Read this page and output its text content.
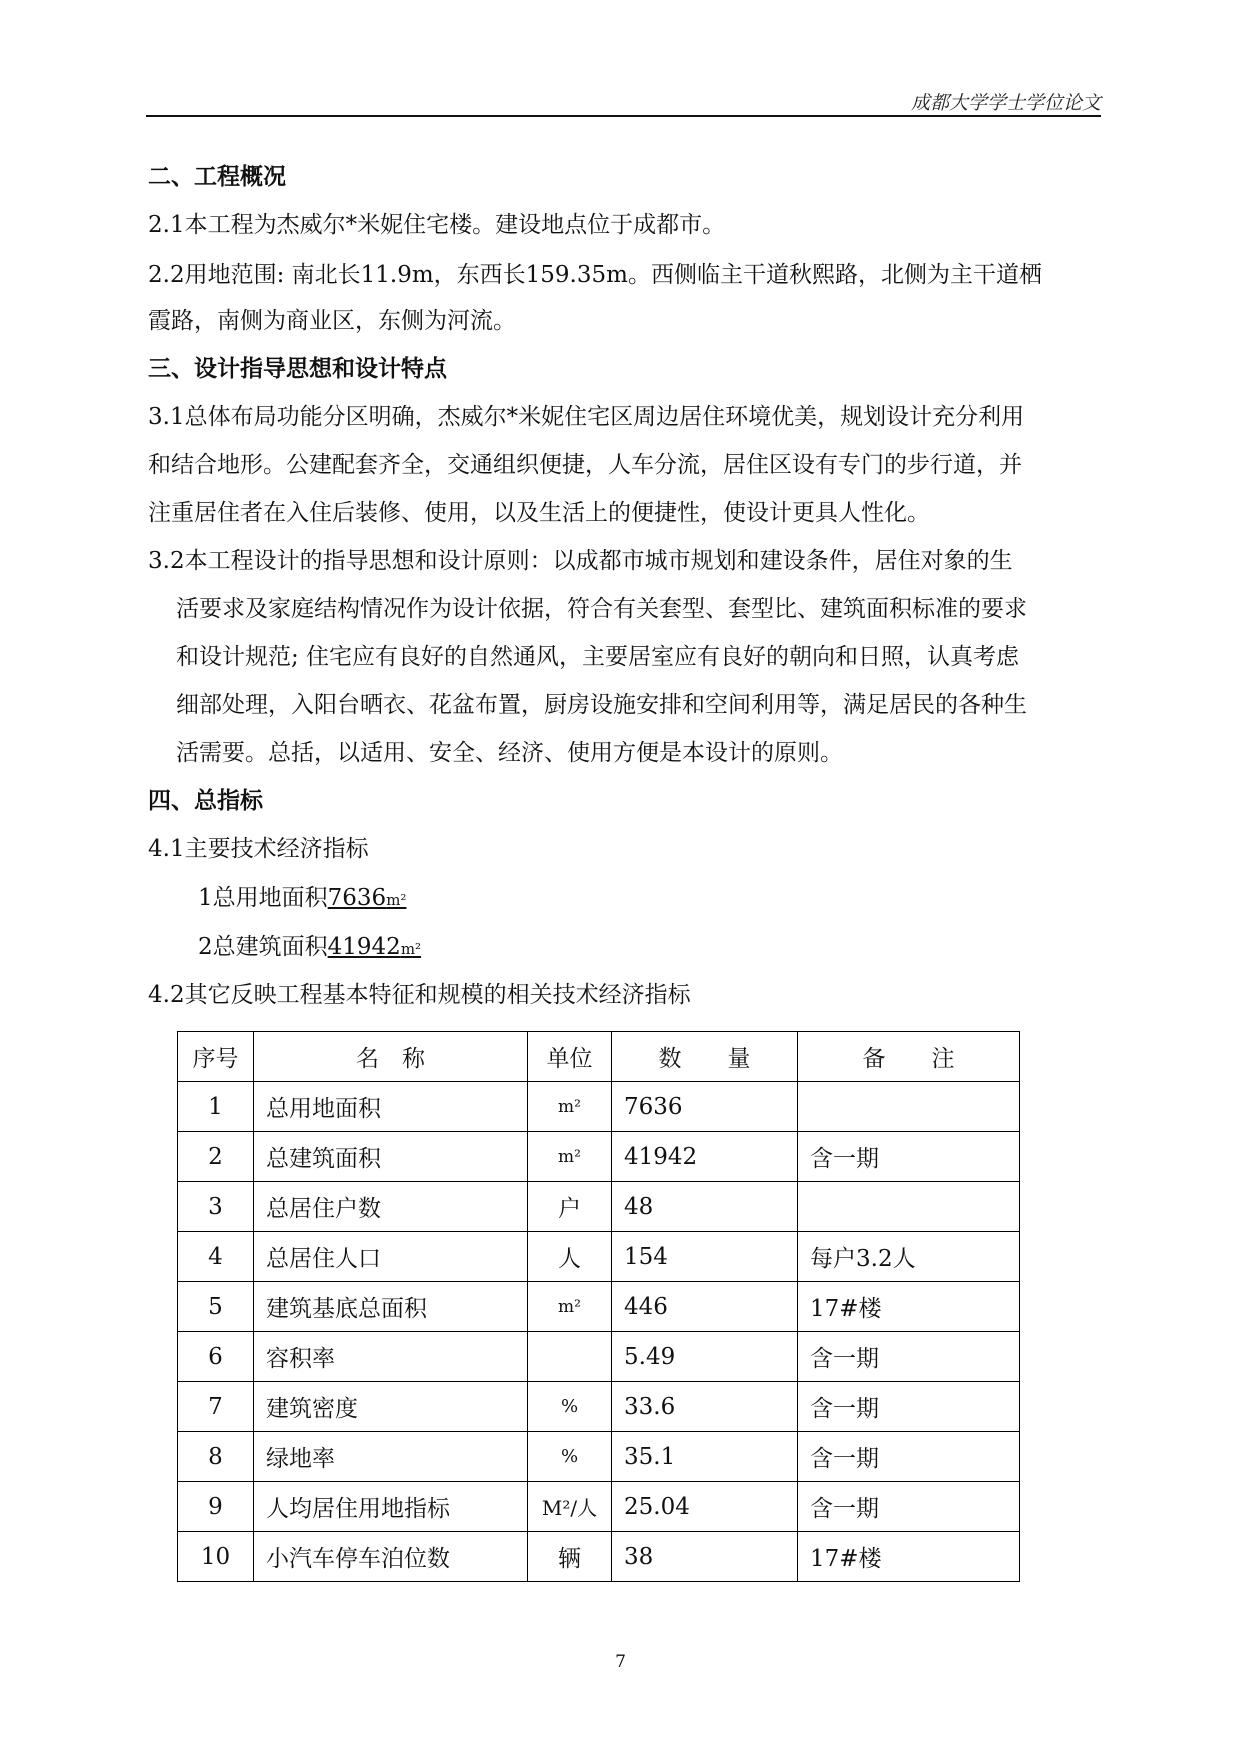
成都大学学士学位论文
二、工程概况
2.1本工程为杰威尔*米妮住宅楼。建设地点位于成都市。
2.2用地范围: 南北长11.9m，东西长159.35m。西侧临主干道秋熙路，北侧为主干道栖
霞路，南侧为商业区，东侧为河流。
三、设计指导思想和设计特点
3.1总体布局功能分区明确，杰威尔*米妮住宅区周边居住环境优美，规划设计充分利用
和结合地形。公建配套齐全，交通组织便捷，人车分流，居住区设有专门的步行道，并
注重居住者在入住后装修、使用，以及生活上的便捷性，使设计更具人性化。
3.2本工程设计的指导思想和设计原则：以成都市城市规划和建设条件，居住对象的生
活要求及家庭结构情况作为设计依据，符合有关套型、套型比、建筑面积标准的要求
和设计规范; 住宅应有良好的自然通风，主要居室应有良好的朝向和日照，认真考虑
细部处理，入阳台晒衣、花盆布置，厨房设施安排和空间利用等，满足居民的各种生
活需要。总括，以适用、安全、经济、使用方便是本设计的原则。
四、总指标
4.1主要技术经济指标
1总用地面积7636m²
2总建筑面积41942m²
4.2其它反映工程基本特征和规模的相关技术经济指标
序号	名　称	单位	数　　量	备　　注
1	总用地面积	m²	7636	
2	总建筑面积	m²	41942	含一期
3	总居住户数	户	48	
4	总居住人口	人	154	每户3.2人
5	建筑基底总面积	m²	446	17#楼
6	容积率		5.49	含一期
7	建筑密度	%	33.6	含一期
8	绿地率	%	35.1	含一期
9	人均居住用地指标	M²/人	25.04	含一期
10	小汽车停车泊位数	辆	38	17#楼
7
